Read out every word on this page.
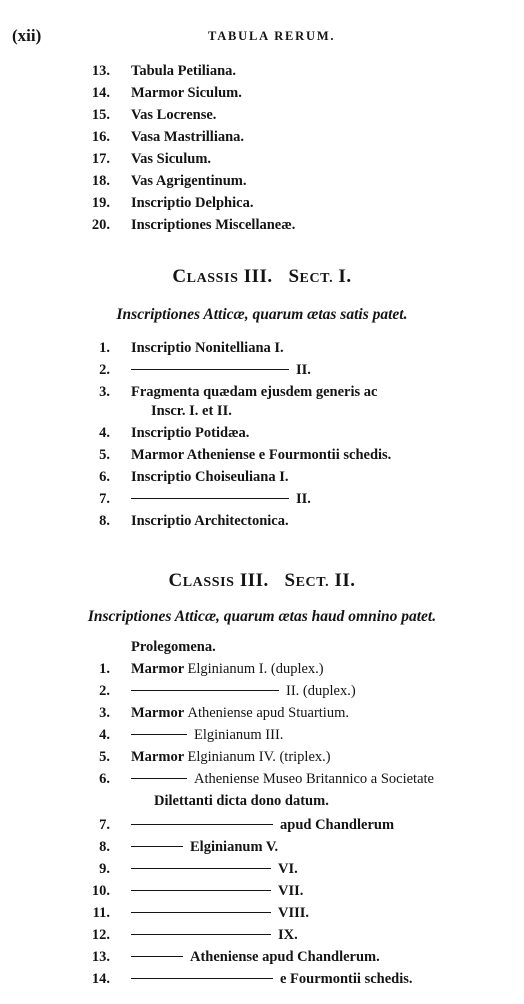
(xii)	TABULA RERUM.
13. Tabula Petiliana.
14. Marmor Siculum.
15. Vas Locrense.
16. Vasa Mastrilliana.
17. Vas Siculum.
18. Vas Agrigentinum.
19. Inscriptio Delphica.
20. Inscriptiones Miscellaneæ.
CLASSIS III. SECT. I.
Inscriptiones Atticæ, quarum ætas satis patet.
1. Inscriptio Nonitelliana I.
2.	II.
3. Fragmenta quædam ejusdem generis ac
Inscr. I. et II.
4. Inscriptio Potidæa.
5. Marmor Atheniense e Fourmontii schedis.
6. Inscriptio Choiseuliana I.
7.	II.
8. Inscriptio Architectonica.
CLASSIS III. SECT. II.
Inscriptiones Atticæ, quarum ætas haud omnino patet.
Prolegomena.
1. Marmor Elginianum I. (duplex.)
2.	II. (duplex.)
3. Marmor Atheniense apud Stuartium.
4.	Elginianum III.
5. Marmor Elginianum IV. (triplex.)
6.	Atheniense Museo Britannico a Societate
Dilettanti dicta dono datum.
7.	apud Chandlerum
8.	Elginianum V.
9.	VI.
10.	VII.
11.	VIII.
12.	IX.
13.	Atheniense apud Chandlerum.
14.	e Fourmontii schedis.
